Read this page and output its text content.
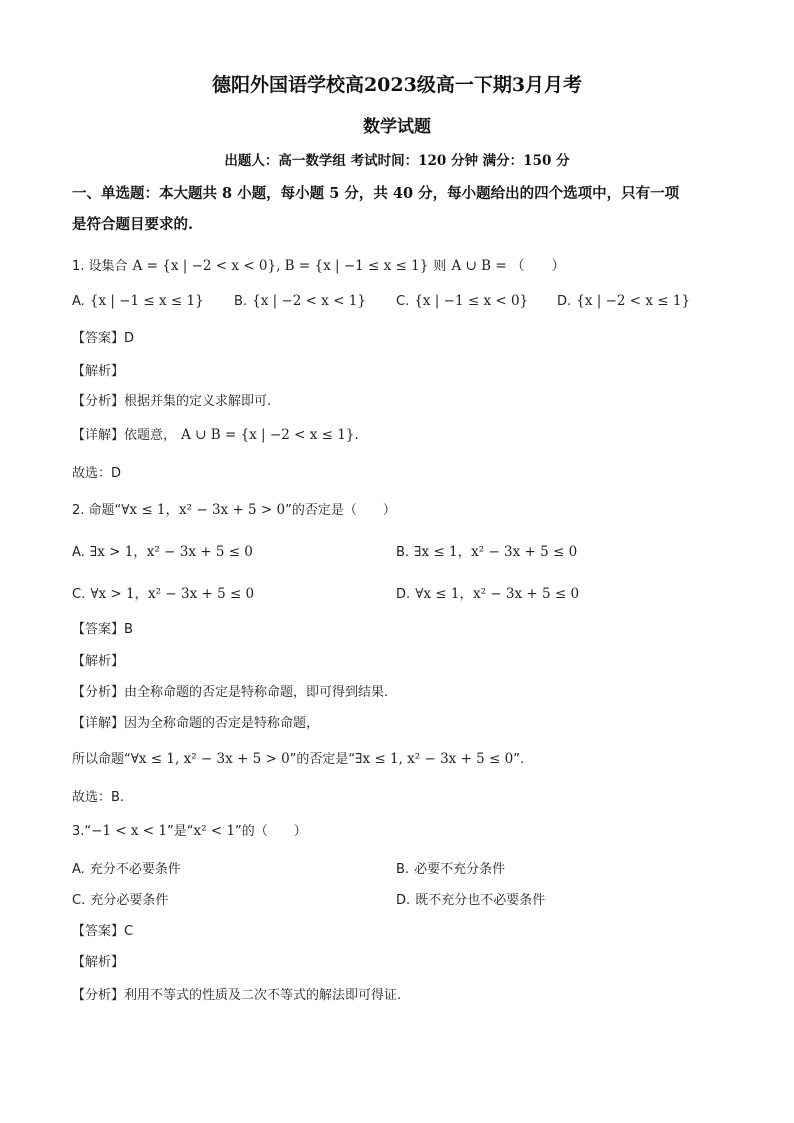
德阳外国语学校高2023级高一下期3月月考
数学试题
出题人：高一数学组 考试时间：120 分钟 满分：150 分
一、单选题：本大题共 8 小题，每小题 5 分，共 40 分，每小题给出的四个选项中，只有一项
是符合题目要求的.
1. 设集合 A = {x | −2 < x < 0}, B = {x | −1 ≤ x ≤ 1} 则 A ∪ B = （　　）
A. {x | −1 ≤ x ≤ 1} B. {x | −2 < x < 1} C. {x | −1 ≤ x < 0} D. {x | −2 < x ≤ 1}
【答案】D
【解析】
【分析】根据并集的定义求解即可.
【详解】依题意， A ∪ B = {x | −2 < x ≤ 1}.
故选：D
2. 命题“∀x ≤ 1，x² − 3x + 5 > 0”的否定是（　　）
A. ∃x > 1，x² − 3x + 5 ≤ 0	B. ∃x ≤ 1，x² − 3x + 5 ≤ 0
C. ∀x > 1，x² − 3x + 5 ≤ 0	D. ∀x ≤ 1，x² − 3x + 5 ≤ 0
【答案】B
【解析】
【分析】由全称命题的否定是特称命题，即可得到结果.
【详解】因为全称命题的否定是特称命题，
所以命题“∀x ≤ 1, x² − 3x + 5 > 0”的否定是“∃x ≤ 1, x² − 3x + 5 ≤ 0”.
故选：B.
3.“−1 < x < 1”是“x² < 1”的（　　）
A. 充分不必要条件	B. 必要不充分条件
C. 充分必要条件	D. 既不充分也不必要条件
【答案】C
【解析】
【分析】利用不等式的性质及二次不等式的解法即可得证.
